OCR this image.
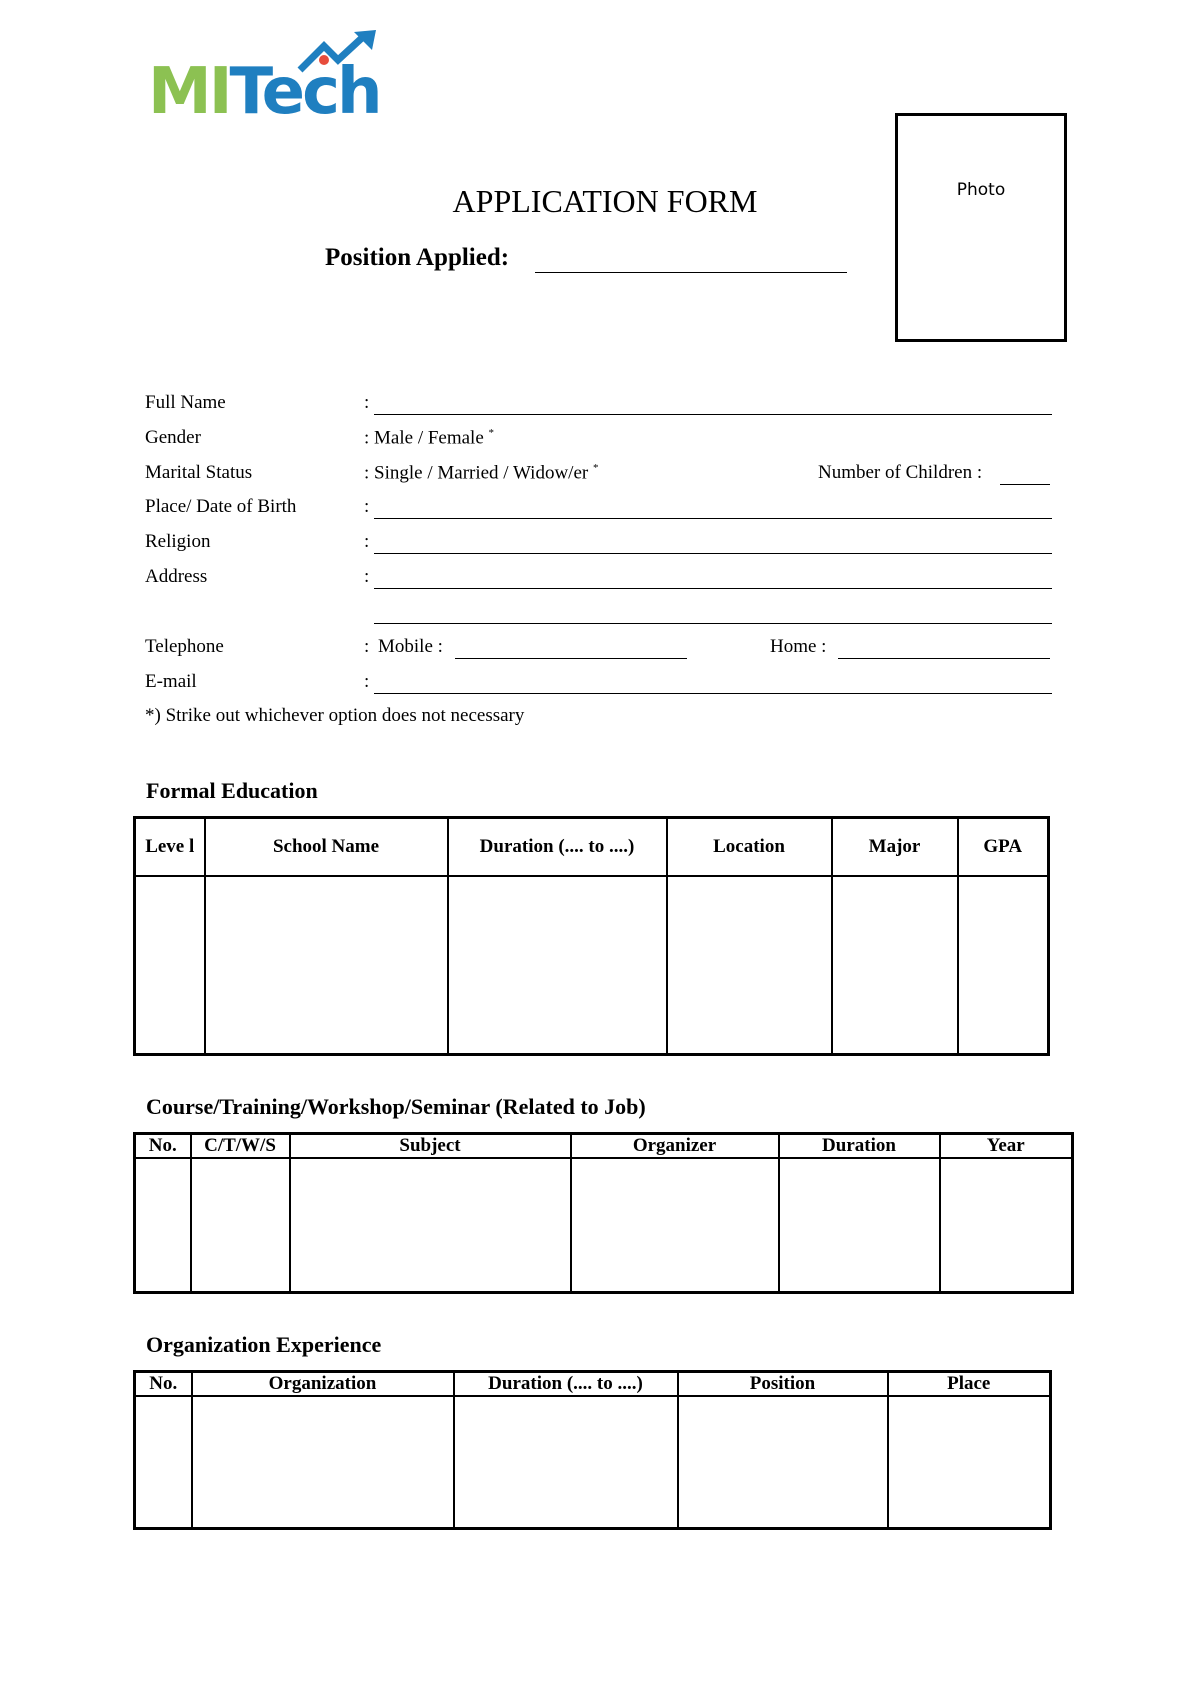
MITech
Photo
APPLICATION FORM
Position Applied:
Full Name	:
Gender	: Male / Female *
Marital Status	: Single / Married / Widow/er *	Number of Children :
Place/ Date of Birth	:
Religion	:
Address	:
Telephone	: Mobile :	Home :
E-mail	:
*) Strike out whichever option does not necessary
Formal Education
Leve l	School Name	Duration (.... to ....)	Location	Major	GPA

Course/Training/Workshop/Seminar (Related to Job)
No.	C/T/W/S	Subject	Organizer	Duration	Year

Organization Experience
No.	Organization	Duration (.... to ....)	Position	Place
